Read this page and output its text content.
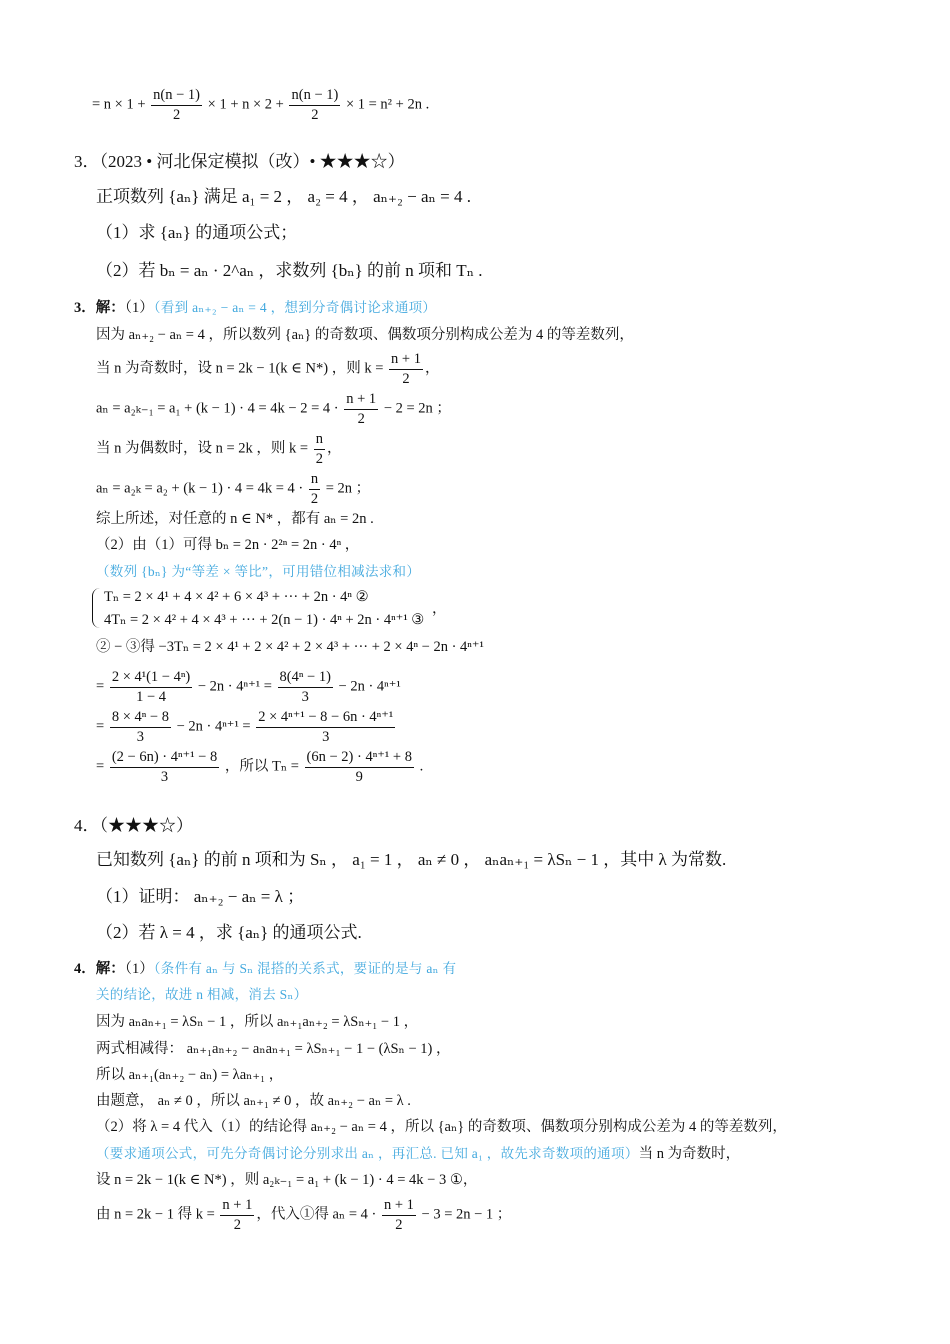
= $n \times 1 + \frac{n(n - 1)}{2} \times 1 + n \times 2 + \frac{n(n - 1)}{2} \times 1 = n^2 + 2n$ .
3．（2023 • 河北保定模拟（改）• ★★★☆）
正项数列 {aₙ} 满足 a₁ = 2 ， a₂ = 4 ， aₙ₊₂ − aₙ = 4 .
（1）求 {aₙ} 的通项公式；
（2）若 bₙ = aₙ · 2^aₙ ，求数列 {bₙ} 的前 n 项和 Tₙ .
3．解：（1）（看到 aₙ₊₂ − aₙ = 4 ，想到分奇偶讨论求通项）
因为 aₙ₊₂ − aₙ = 4 ，所以数列 {aₙ} 的奇数项、偶数项分别构成公差为 4 的等差数列，
当 n 为奇数时，设 n = 2k − 1(k ∈ N*) ，则 $k = \frac{n + 1}{2}$ ，
$a_n = a_{2k-1} = a_1 + (k - 1) \cdot 4 = 4k - 2 = 4 \cdot \frac{n + 1}{2} - 2 = 2n$ ；
当 n 为偶数时，设 n = 2k ，则 $k = \frac{n}{2}$ ，
$a_n = a_{2k} = a_2 + (k - 1) \cdot 4 = 4k = 4 \cdot \frac{n}{2} = 2n$ ；
综上所述，对任意的 n ∈ N* ，都有 aₙ = 2n .
（2）由（1）可得 bₙ = 2n · 2²ⁿ = 2n · 4ⁿ ，
（数列 {bₙ} 为“等差 × 等比”，可用错位相减法求和）
Tₙ = 2 × 4¹ + 4 × 4² + 6 × 4³ + ··· + 2n · 4ⁿ ②
4Tₙ = 2 × 4² + 4 × 4³ + ··· + 2(n − 1) · 4ⁿ + 2n · 4ⁿ⁺¹ ③
，
② − ③得 −3Tₙ = 2 × 4¹ + 2 × 4² + 2 × 4³ + ··· + 2 × 4ⁿ − 2n · 4ⁿ⁺¹
= $\frac{\text{2 × 4¹(1 − 4ⁿ)}}{1 - 4} - 2n \cdot 4^{n+1} = \frac{\text{8(4ⁿ − 1)}}{3} - 2n \cdot 4^{n+1}$
= $\frac{\text{8 × 4ⁿ − 8}}{3} - 2n \cdot 4^{n+1} = \frac{\text{2 × 4ⁿ⁺¹ − 8 − 6n · 4ⁿ⁺¹}}{3}$
= $\frac{\text{(2 − 6n) · 4ⁿ⁺¹ − 8}}{3}$ ，所以 $T_n = \frac{\text{(6n − 2) · 4ⁿ⁺¹ + 8}}{9}$ .
4．（★★★☆）
已知数列 {aₙ} 的前 n 项和为 Sₙ ， a₁ = 1 ， aₙ ≠ 0 ， aₙaₙ₊₁ = λSₙ − 1 ，其中 λ 为常数.
（1）证明： aₙ₊₂ − aₙ = λ ；
（2）若 λ = 4 ，求 {aₙ} 的通项公式.
4．解：（1）（条件有 aₙ 与 Sₙ 混搭的关系式，要证的是与 aₙ 有
关的结论，故进 n 相减，消去 Sₙ）
因为 aₙaₙ₊₁ = λSₙ − 1 ，所以 aₙ₊₁aₙ₊₂ = λSₙ₊₁ − 1 ，
两式相减得： aₙ₊₁aₙ₊₂ − aₙaₙ₊₁ = λSₙ₊₁ − 1 − (λSₙ − 1) ，
所以 aₙ₊₁(aₙ₊₂ − aₙ) = λaₙ₊₁ ，
由题意， aₙ ≠ 0 ，所以 aₙ₊₁ ≠ 0 ，故 aₙ₊₂ − aₙ = λ .
（2）将 λ = 4 代入（1）的结论得 aₙ₊₂ − aₙ = 4 ，所以 {aₙ} 的奇数项、偶数项分别构成公差为 4 的等差数列，
（要求通项公式，可先分奇偶讨论分别求出 aₙ ，再汇总. 已知 a₁ ，故先求奇数项的通项）当 n 为奇数时，
设 n = 2k − 1(k ∈ N*) ，则 a₂ₖ₋₁ = a₁ + (k − 1) · 4 = 4k − 3 ①，
由 n = 2k − 1 得 $k = \frac{n + 1}{2}$ ，代入①得 $a_n = 4 \cdot \frac{n + 1}{2} - 3 = 2n - 1$ ；
